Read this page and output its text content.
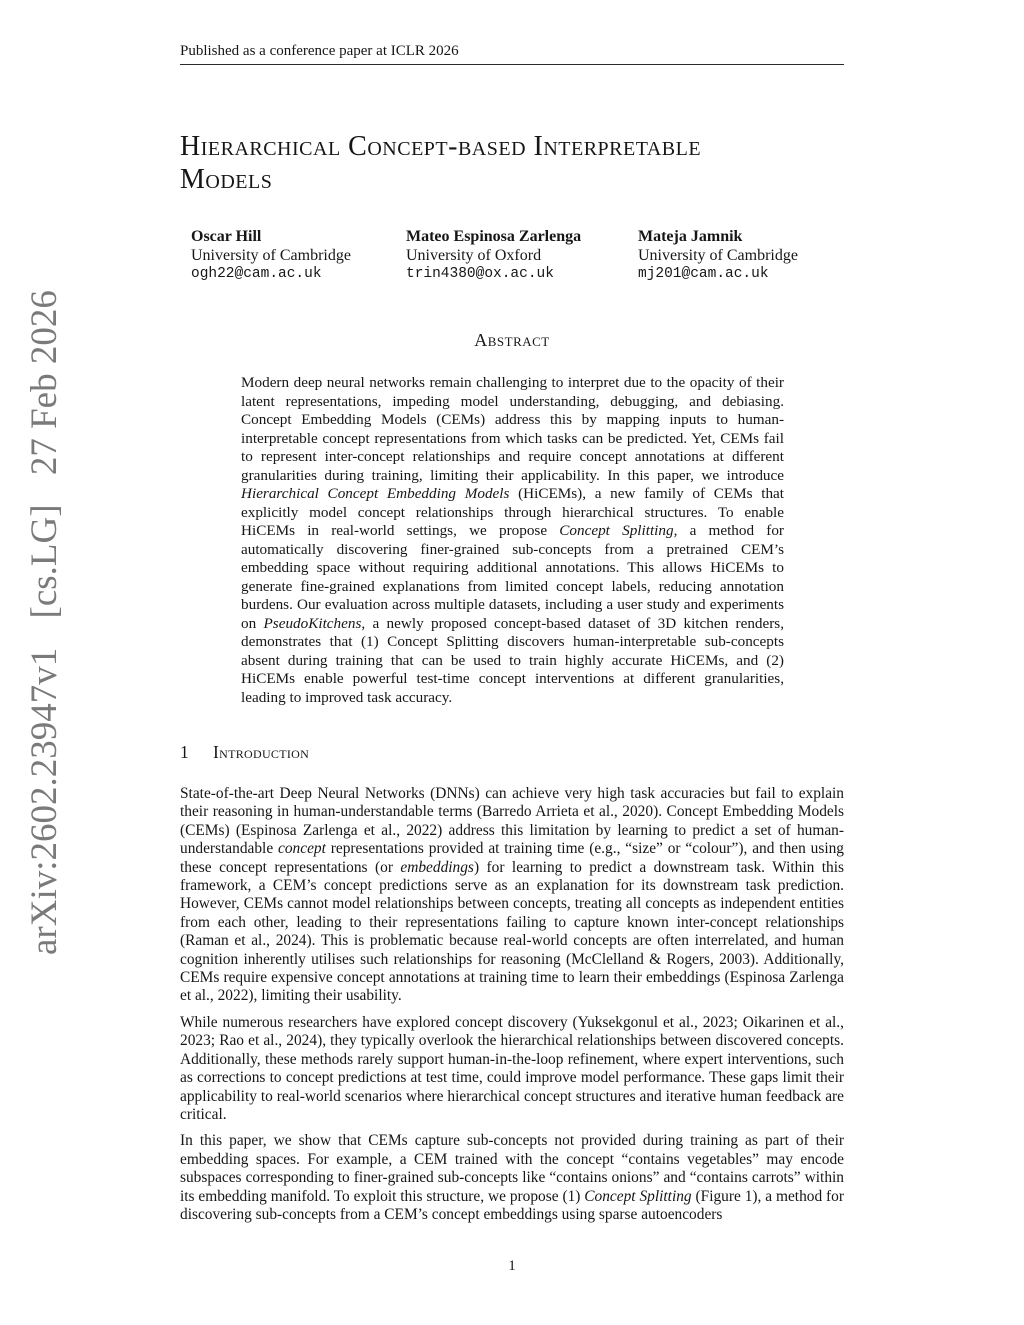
Published as a conference paper at ICLR 2026
arXiv:2602.23947v1 [cs.LG] 27 Feb 2026
Hierarchical Concept-based Interpretable
Models
Oscar Hill
University of Cambridge
ogh22@cam.ac.uk
Mateo Espinosa Zarlenga
University of Oxford
trin4380@ox.ac.uk
Mateja Jamnik
University of Cambridge
mj201@cam.ac.uk
Abstract
Modern deep neural networks remain challenging to interpret due to the opacity of their latent representations, impeding model understanding, debugging, and debiasing. Concept Embedding Models (CEMs) address this by mapping inputs to human-interpretable concept representations from which tasks can be predicted. Yet, CEMs fail to represent inter-concept relationships and require concept annotations at different granularities during training, limiting their applicability. In this paper, we introduce Hierarchical Concept Embedding Models (HiCEMs), a new family of CEMs that explicitly model concept relationships through hierarchical structures. To enable HiCEMs in real-world settings, we propose Concept Splitting, a method for automatically discovering finer-grained sub-concepts from a pretrained CEM’s embedding space without requiring additional annotations. This allows HiCEMs to generate fine-grained explanations from limited concept labels, reducing annotation burdens. Our evaluation across multiple datasets, including a user study and experiments on PseudoKitchens, a newly proposed concept-based dataset of 3D kitchen renders, demonstrates that (1) Concept Splitting discovers human-interpretable sub-concepts absent during training that can be used to train highly accurate HiCEMs, and (2) HiCEMs enable powerful test-time concept interventions at different granularities, leading to improved task accuracy.
1 Introduction

State-of-the-art Deep Neural Networks (DNNs) can achieve very high task accuracies but fail to explain their reasoning in human-understandable terms (Barredo Arrieta et al., 2020). Concept Embedding Models (CEMs) (Espinosa Zarlenga et al., 2022) address this limitation by learning to predict a set of human-understandable concept representations provided at training time (e.g., “size” or “colour”), and then using these concept representations (or embeddings) for learning to predict a downstream task. Within this framework, a CEM’s concept predictions serve as an explanation for its downstream task prediction. However, CEMs cannot model relationships between concepts, treating all concepts as independent entities from each other, leading to their representations failing to capture known inter-concept relationships (Raman et al., 2024). This is problematic because real-world concepts are often interrelated, and human cognition inherently utilises such relationships for reasoning (McClelland & Rogers, 2003). Additionally, CEMs require expensive concept annotations at training time to learn their embeddings (Espinosa Zarlenga et al., 2022), limiting their usability.

While numerous researchers have explored concept discovery (Yuksekgonul et al., 2023; Oikarinen et al., 2023; Rao et al., 2024), they typically overlook the hierarchical relationships between discovered concepts. Additionally, these methods rarely support human-in-the-loop refinement, where expert interventions, such as corrections to concept predictions at test time, could improve model performance. These gaps limit their applicability to real-world scenarios where hierarchical concept structures and iterative human feedback are critical.

In this paper, we show that CEMs capture sub-concepts not provided during training as part of their embedding spaces. For example, a CEM trained with the concept “contains vegetables” may encode subspaces corresponding to finer-grained sub-concepts like “contains onions” and “contains carrots” within its embedding manifold. To exploit this structure, we propose (1) Concept Splitting (Figure 1), a method for discovering sub-concepts from a CEM’s concept embeddings using sparse autoencoders

1
